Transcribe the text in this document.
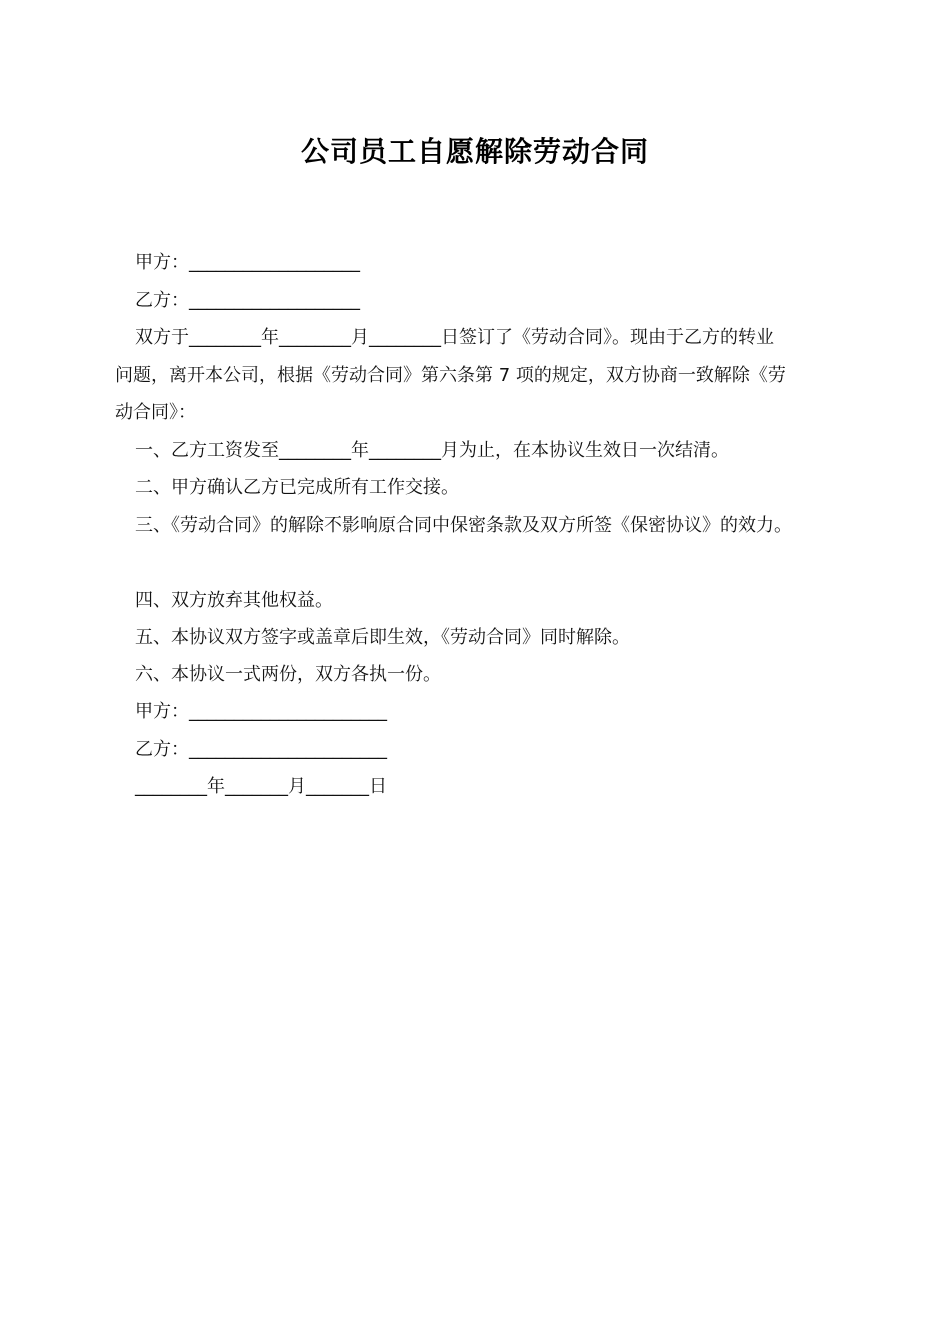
公司员工自愿解除劳动合同
甲方：___________________
乙方：___________________
双方于________年________月________日签订了《劳动合同》。现由于乙方的转业
问题，离开本公司，根据《劳动合同》第六条第 7 项的规定，双方协商一致解除《劳
动合同》：
一、乙方工资发至________年________月为止，在本协议生效日一次结清。
二、甲方确认乙方已完成所有工作交接。
三、《劳动合同》的解除不影响原合同中保密条款及双方所签《保密协议》的效力。
四、双方放弃其他权益。
五、本协议双方签字或盖章后即生效，《劳动合同》同时解除。
六、本协议一式两份，双方各执一份。
甲方：______________________
乙方：______________________
________年_______月_______日
